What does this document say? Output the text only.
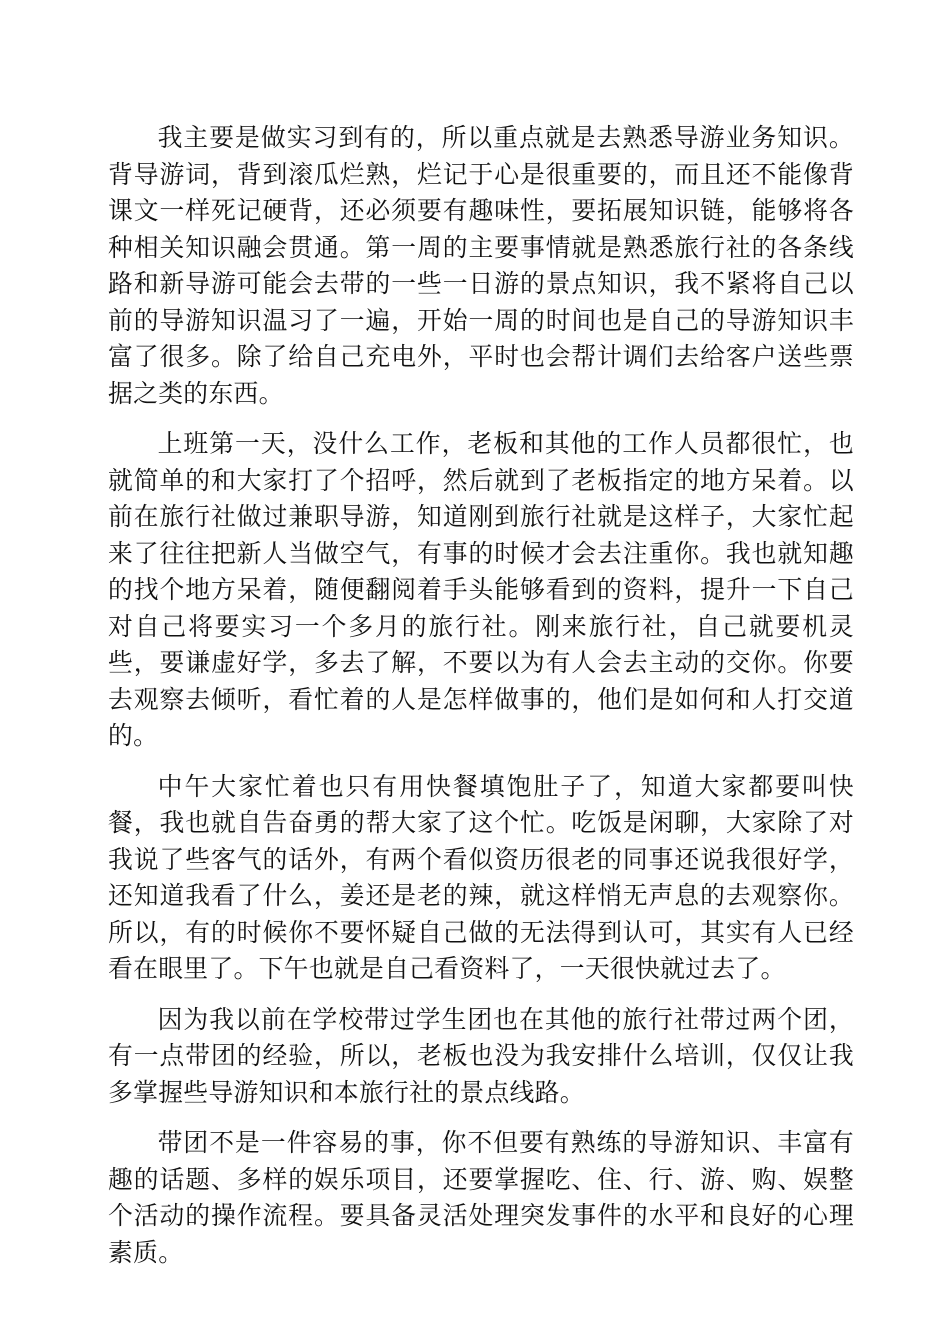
我主要是做实习到有的，所以重点就是去熟悉导游业务知识。背导游词，背到滚瓜烂熟，烂记于心是很重要的，而且还不能像背课文一样死记硬背，还必须要有趣味性，要拓展知识链，能够将各种相关知识融会贯通。第一周的主要事情就是熟悉旅行社的各条线路和新导游可能会去带的一些一日游的景点知识，我不紧将自己以前的导游知识温习了一遍，开始一周的时间也是自己的导游知识丰富了很多。除了给自己充电外，平时也会帮计调们去给客户送些票据之类的东西。

上班第一天，没什么工作，老板和其他的工作人员都很忙，也就简单的和大家打了个招呼，然后就到了老板指定的地方呆着。以前在旅行社做过兼职导游，知道刚到旅行社就是这样子，大家忙起来了往往把新人当做空气，有事的时候才会去注重你。我也就知趣的找个地方呆着，随便翻阅着手头能够看到的资料，提升一下自己对自己将要实习一个多月的旅行社。刚来旅行社，自己就要机灵些，要谦虚好学，多去了解，不要以为有人会去主动的交你。你要去观察去倾听，看忙着的人是怎样做事的，他们是如何和人打交道的。

中午大家忙着也只有用快餐填饱肚子了，知道大家都要叫快餐，我也就自告奋勇的帮大家了这个忙。吃饭是闲聊，大家除了对我说了些客气的话外，有两个看似资历很老的同事还说我很好学，还知道我看了什么，姜还是老的辣，就这样悄无声息的去观察你。所以，有的时候你不要怀疑自己做的无法得到认可，其实有人已经看在眼里了。下午也就是自己看资料了，一天很快就过去了。

因为我以前在学校带过学生团也在其他的旅行社带过两个团，有一点带团的经验，所以，老板也没为我安排什么培训，仅仅让我多掌握些导游知识和本旅行社的景点线路。

带团不是一件容易的事，你不但要有熟练的导游知识、丰富有趣的话题、多样的娱乐项目，还要掌握吃、住、行、游、购、娱整个活动的操作流程。要具备灵活处理突发事件的水平和良好的心理素质。
